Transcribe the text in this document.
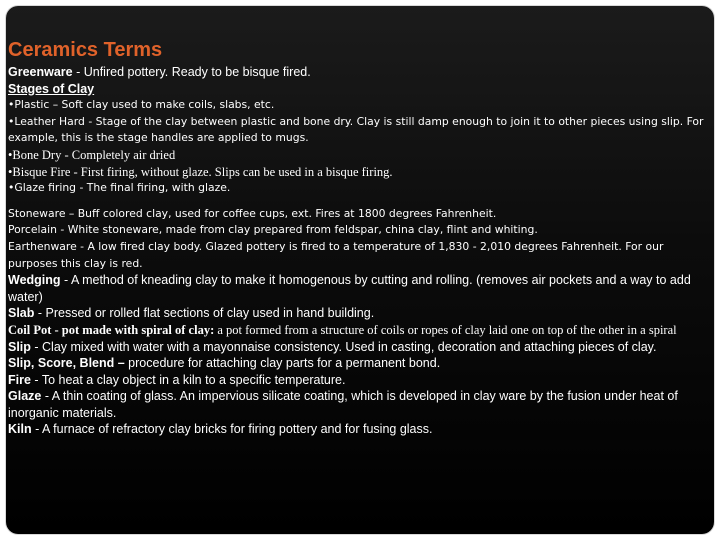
Ceramics Terms

Greenware - Unfired pottery. Ready to be bisque fired.

Stages of Clay

•Plastic – Soft clay used to make coils, slabs, etc.

•Leather Hard - Stage of the clay between plastic and bone dry. Clay is still damp enough to join it to other pieces using slip. For example, this is the stage handles are applied to mugs.

•Bone Dry - Completely air dried

•Bisque Fire - First firing, without glaze. Slips can be used in a bisque firing.

•Glaze firing - The final firing, with glaze.

Stoneware – Buff colored clay, used for coffee cups, ext. Fires at 1800 degrees Fahrenheit.

Porcelain - White stoneware, made from clay prepared from feldspar, china clay, flint and whiting.

Earthenware - A low fired clay body. Glazed pottery is fired to a temperature of 1,830 - 2,010 degrees Fahrenheit. For our purposes this clay is red.

Wedging - A method of kneading clay to make it homogenous by cutting and rolling. (removes air pockets and a way to add water)

Slab - Pressed or rolled flat sections of clay used in hand building.

Coil Pot - pot made with spiral of clay: a pot formed from a structure of coils or ropes of clay laid one on top of the other in a spiral

Slip - Clay mixed with water with a mayonnaise consistency. Used in casting, decoration and attaching pieces of clay.

Slip, Score, Blend – procedure for attaching clay parts for a permanent bond.

Fire - To heat a clay object in a kiln to a specific temperature.

Glaze - A thin coating of glass. An impervious silicate coating, which is developed in clay ware by the fusion under heat of inorganic materials.

Kiln - A furnace of refractory clay bricks for firing pottery and for fusing glass.
